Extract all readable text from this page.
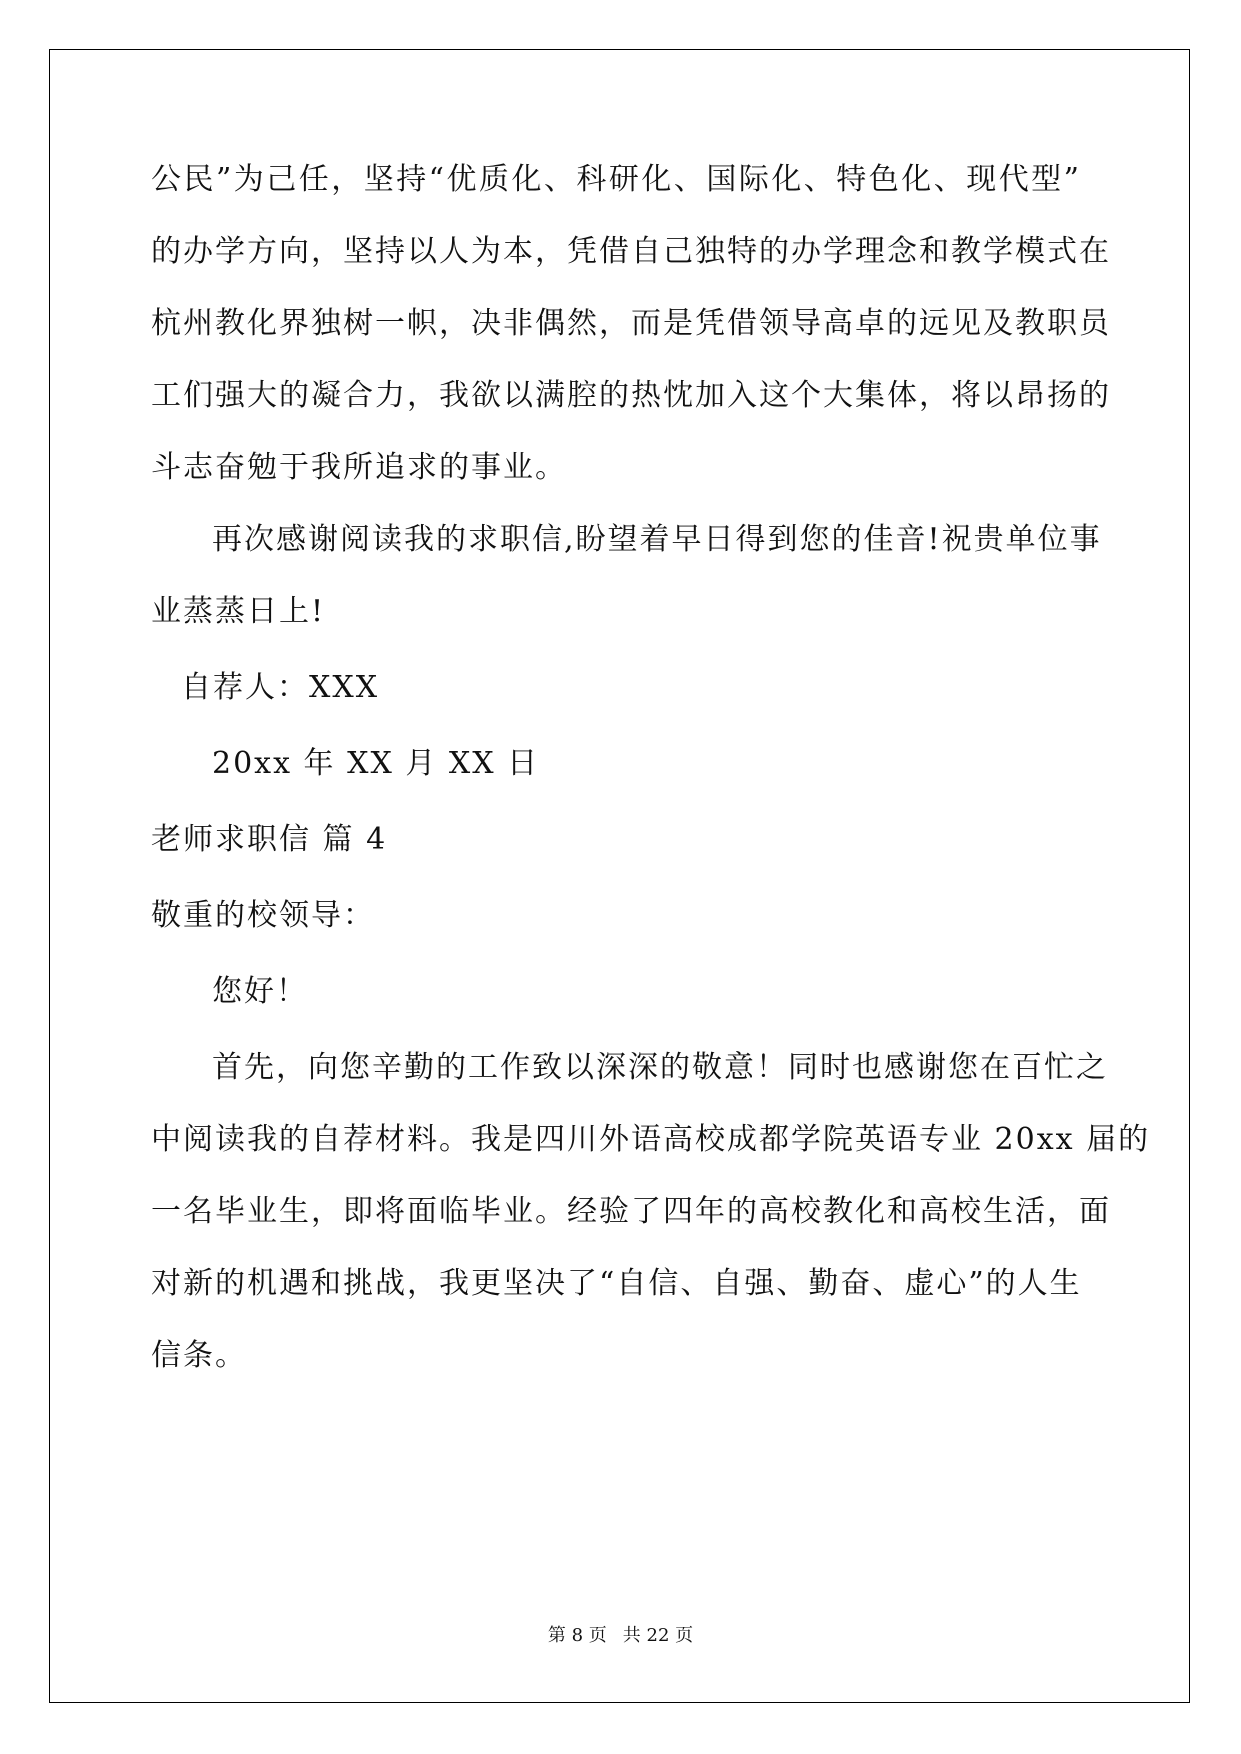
公民”为己任，坚持“优质化、科研化、国际化、特色化、现代型”
的办学方向，坚持以人为本，凭借自己独特的办学理念和教学模式在
杭州教化界独树一帜，决非偶然，而是凭借领导高卓的远见及教职员
工们强大的凝合力，我欲以满腔的热忱加入这个大集体，将以昂扬的
斗志奋勉于我所追求的事业。
再次感谢阅读我的求职信,盼望着早日得到您的佳音!祝贵单位事
业蒸蒸日上!
自荐人：XXX
20xx 年 XX 月 XX 日
老师求职信 篇 4
敬重的校领导：
您好！
首先，向您辛勤的工作致以深深的敬意！同时也感谢您在百忙之
中阅读我的自荐材料。我是四川外语高校成都学院英语专业 20xx 届的
一名毕业生，即将面临毕业。经验了四年的高校教化和高校生活，面
对新的机遇和挑战，我更坚决了“自信、自强、勤奋、虚心”的人生
信条。
第 8 页 共 22 页
